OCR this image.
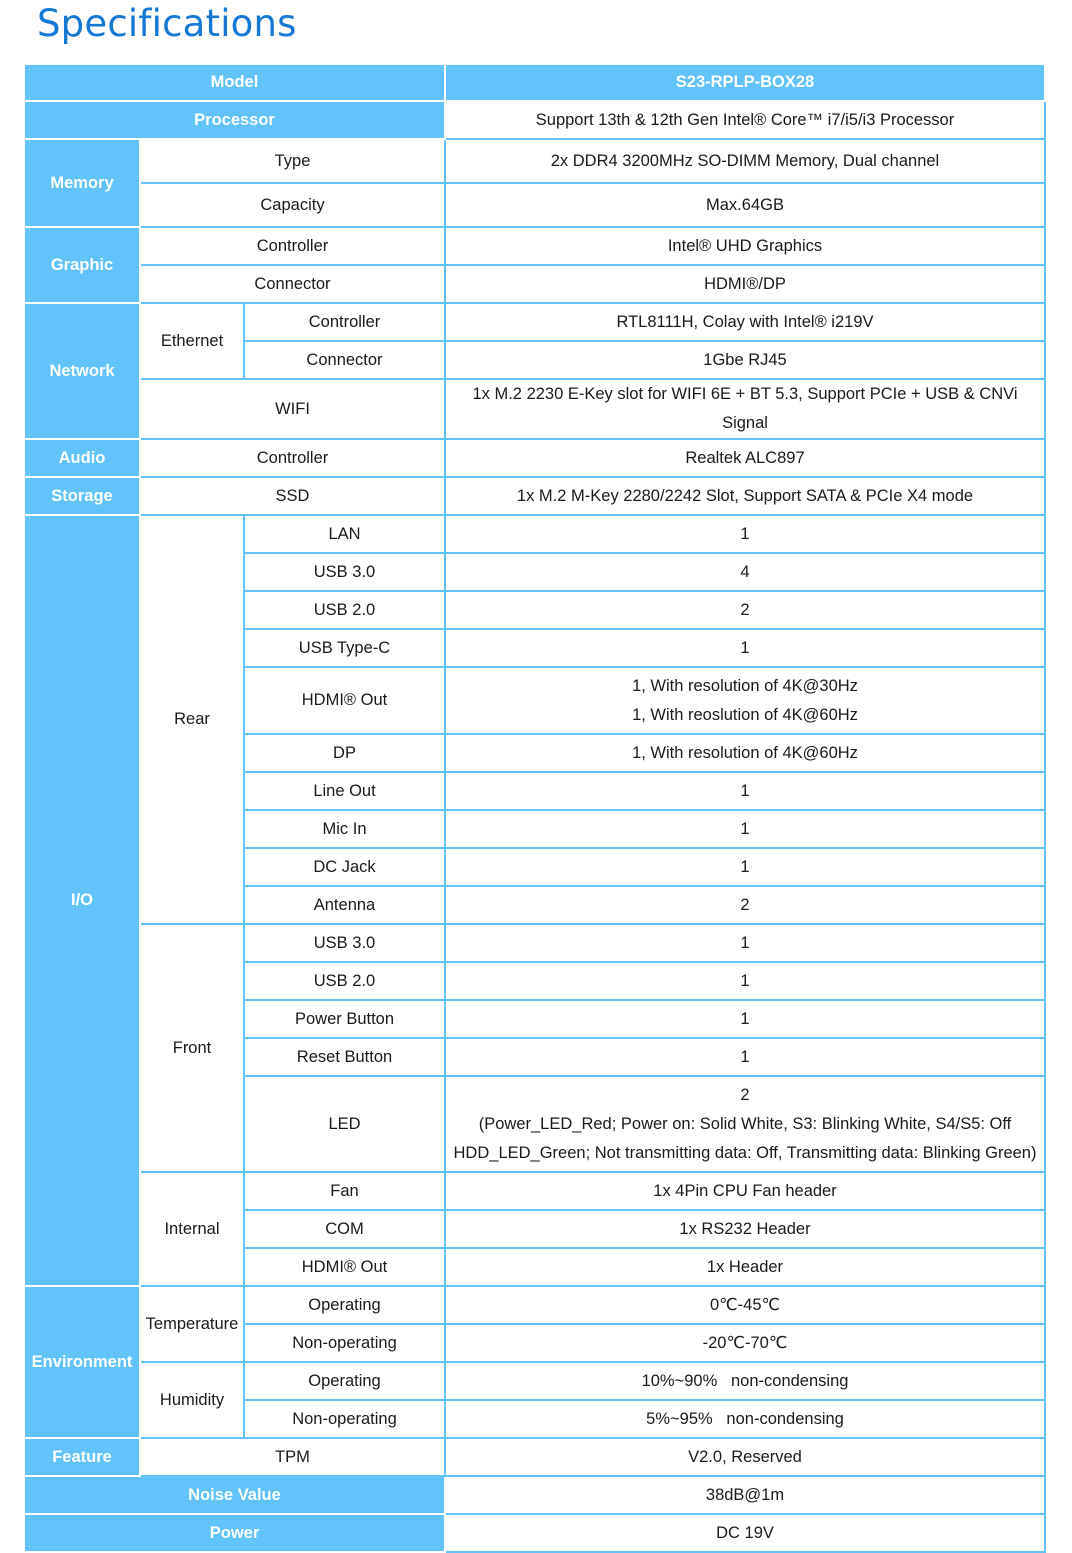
Specifications
Model			S23-RPLP-BOX28
Processor			Support 13th & 12th Gen Intel® Core™ i7/i5/i3 Processor
Memory	Type		2x DDR4 3200MHz SO-DIMM Memory, Dual channel
	Capacity		Max.64GB
Graphic	Controller		Intel® UHD Graphics
	Connector		HDMI®/DP
Network	Ethernet	Controller	RTL8111H, Colay with Intel® i219V
		Connector	1Gbe RJ45
	WIFI		1x M.2 2230 E-Key slot for WIFI 6E + BT 5.3, Support PCIe + USB & CNVi Signal
Audio	Controller		Realtek ALC897
Storage	SSD		1x M.2 M-Key 2280/2242 Slot, Support SATA & PCIe X4 mode
I/O	Rear	LAN	1
		USB 3.0	4
		USB 2.0	2
		USB Type-C	1
		HDMI® Out	1, With resolution of 4K@30Hz
1, With reoslution of 4K@60Hz

		DP	1, With resolution of 4K@60Hz
		Line Out	1
		Mic In	1
		DC Jack	1
		Antenna	2
	Front	USB 3.0	1
		USB 2.0	1
		Power Button	1
		Reset Button	1
		LED	2
(Power_LED_Red; Power on: Solid White, S3: Blinking White, S4/S5: Off
HDD_LED_Green; Not transmitting data: Off, Transmitting data: Blinking Green)

	Internal	Fan	1x 4Pin CPU Fan header
		COM	1x RS232 Header
		HDMI® Out	1x Header
Environment	Temperature	Operating	0℃-45℃
		Non-operating	-20℃-70℃
	Humidity	Operating	10%~90%   non-condensing
		Non-operating	5%~95%   non-condensing
Feature	TPM		V2.0, Reserved
Noise Value			38dB@1m
Power			DC 19V
